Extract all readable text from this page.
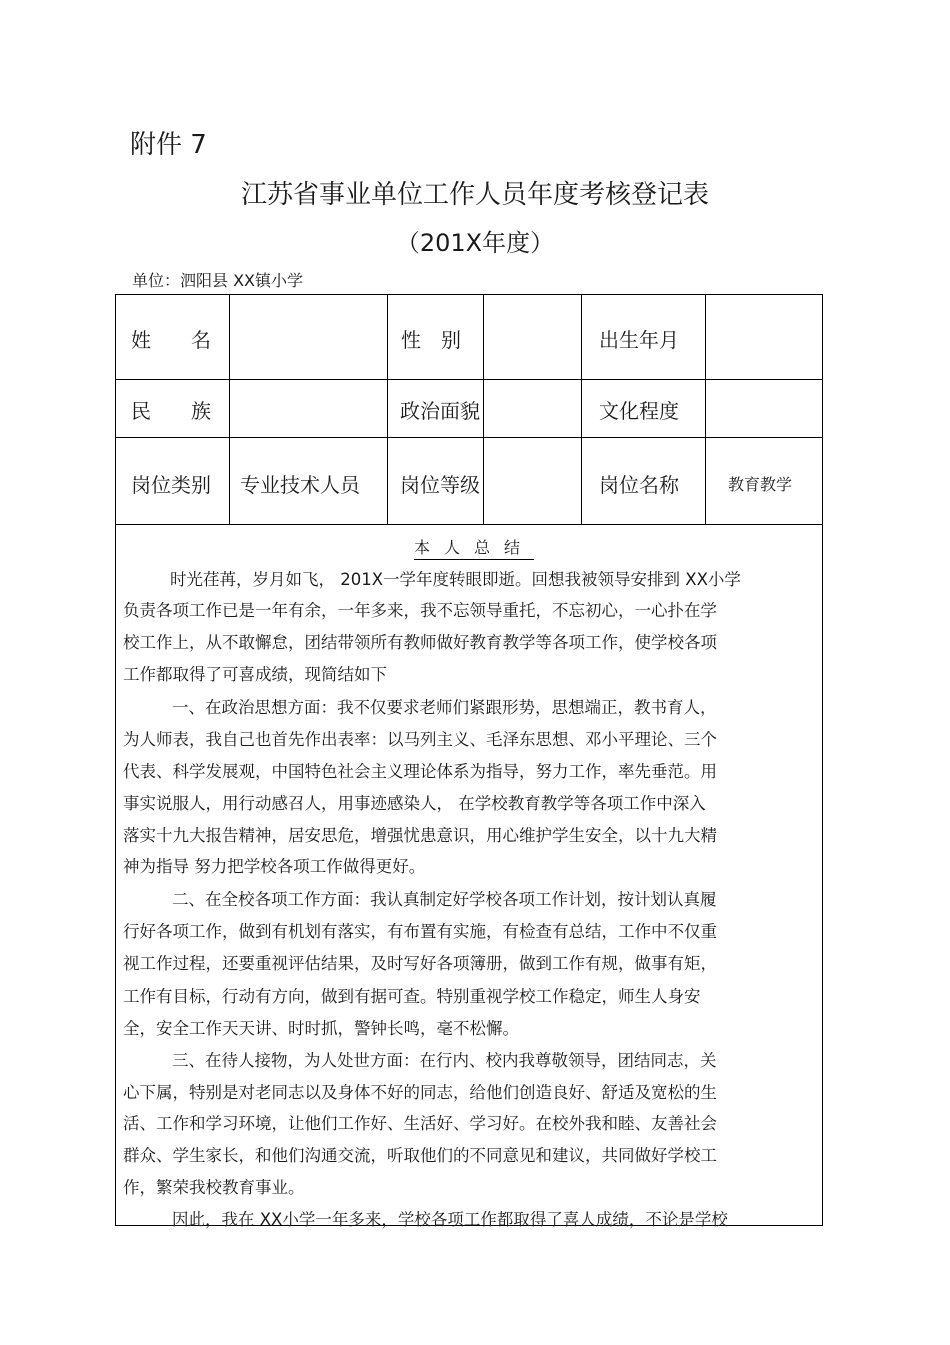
附件 7
江苏省事业单位工作人员年度考核登记表
（201X年度）
单位：泗阳县 XX镇小学
姓　　名	性　别	出生年月
民　　族	政治面貌	文化程度
岗位类别 专业技术人员 岗位等级	岗位名称	教育教学
本人总结
时光荏苒，岁月如飞， 201X一学年度转眼即逝。回想我被领导安排到 XX小学
负责各项工作已是一年有余，一年多来，我不忘领导重托，不忘初心，一心扑在学
校工作上，从不敢懈怠，团结带领所有教师做好教育教学等各项工作，使学校各项
工作都取得了可喜成绩，现简结如下
一、在政治思想方面：我不仅要求老师们紧跟形势，思想端正，教书育人，
为人师表，我自己也首先作出表率：以马列主义、毛泽东思想、邓小平理论、三个
代表、科学发展观，中国特色社会主义理论体系为指导，努力工作，率先垂范。用
事实说服人，用行动感召人，用事迹感染人， 在学校教育教学等各项工作中深入
落实十九大报告精神，居安思危，增强忧患意识，用心维护学生安全，以十九大精
神为指导 努力把学校各项工作做得更好。
二、在全校各项工作方面：我认真制定好学校各项工作计划，按计划认真履
行好各项工作，做到有机划有落实，有布置有实施，有检查有总结，工作中不仅重
视工作过程，还要重视评估结果，及时写好各项簿册，做到工作有规，做事有矩，
工作有目标，行动有方向，做到有据可查。特别重视学校工作稳定，师生人身安
全，安全工作天天讲、时时抓，警钟长鸣，毫不松懈。
三、在待人接物，为人处世方面：在行内、校内我尊敬领导，团结同志，关
心下属，特别是对老同志以及身体不好的同志，给他们创造良好、舒适及宽松的生
活、工作和学习环境，让他们工作好、生活好、学习好。在校外我和睦、友善社会
群众、学生家长，和他们沟通交流，听取他们的不同意见和建议，共同做好学校工
作，繁荣我校教育事业。
因此，我在 XX小学一年多来，学校各项工作都取得了喜人成绩，不论是学校
